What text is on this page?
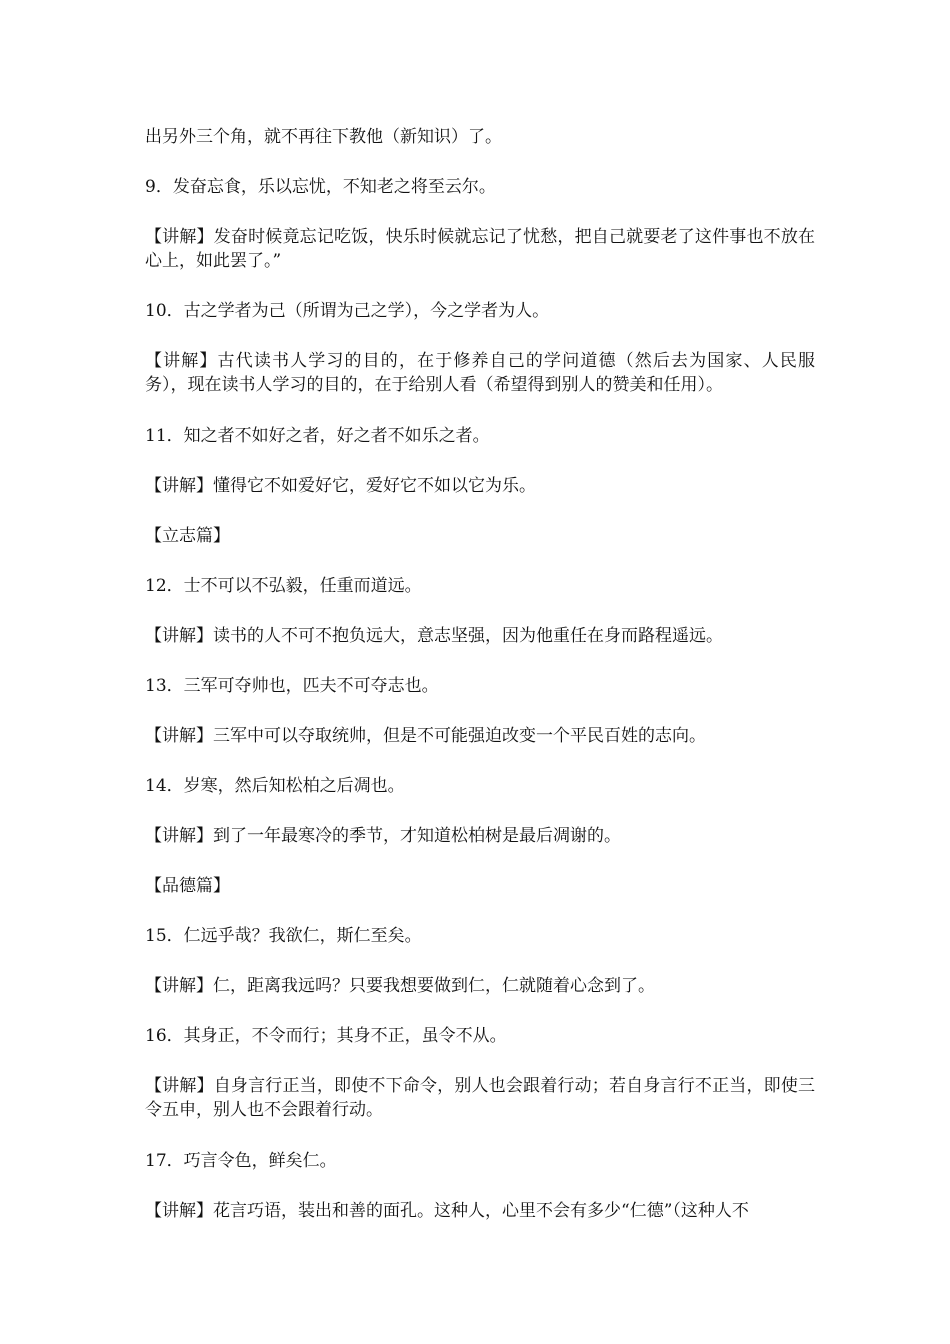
出另外三个角，就不再往下教他（新知识）了。

9．发奋忘食，乐以忘忧，不知老之将至云尔。

【讲解】发奋时候竟忘记吃饭，快乐时候就忘记了忧愁，把自己就要老了这件事也不放在心上，如此罢了。”

10．古之学者为己（所谓为己之学），今之学者为人。

【讲解】古代读书人学习的目的，在于修养自己的学问道德（然后去为国家、人民服务），现在读书人学习的目的，在于给别人看（希望得到别人的赞美和任用）。

11．知之者不如好之者，好之者不如乐之者。

【讲解】懂得它不如爱好它，爱好它不如以它为乐。

【立志篇】

12．士不可以不弘毅，任重而道远。

【讲解】读书的人不可不抱负远大，意志坚强，因为他重任在身而路程遥远。

13．三军可夺帅也，匹夫不可夺志也。

【讲解】三军中可以夺取统帅，但是不可能强迫改变一个平民百姓的志向。

14．岁寒，然后知松柏之后凋也。

【讲解】到了一年最寒冷的季节，才知道松柏树是最后凋谢的。

【品德篇】

15．仁远乎哉？我欲仁，斯仁至矣。

【讲解】仁，距离我远吗？只要我想要做到仁，仁就随着心念到了。

16．其身正，不令而行；其身不正，虽令不从。

【讲解】自身言行正当，即使不下命令，别人也会跟着行动；若自身言行不正当，即使三令五申，别人也不会跟着行动。

17．巧言令色，鲜矣仁。

【讲解】花言巧语，装出和善的面孔。这种人，心里不会有多少“仁德”（这种人不
